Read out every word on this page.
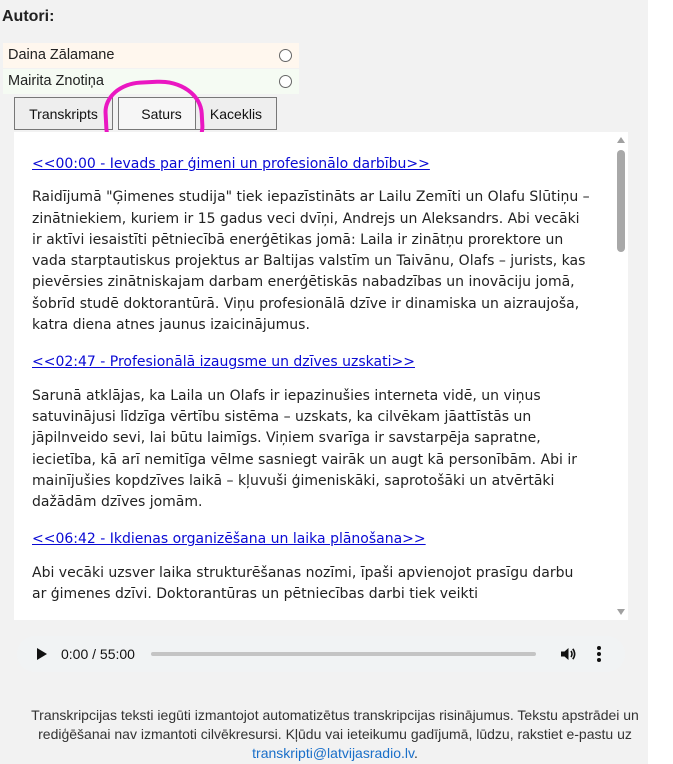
Autori:
Daina Zālamane
Mairita Znotiņa
Transkripts	Saturs	Kaceklis
<<00:00 - Ievads par ģimeni un profesionālo darbību>>

Raidījumā "Ģimenes studija" tiek iepazīstināts ar Lailu Zemīti un Olafu Slūtiņu – zinātniekiem, kuriem ir 15 gadus veci dvīņi, Andrejs un Aleksandrs. Abi vecāki ir aktīvi iesaistīti pētniecībā enerģētikas jomā: Laila ir zinātņu prorektore un vada starptautiskus projektus ar Baltijas valstīm un Taivānu, Olafs – jurists, kas pievērsies zinātniskajam darbam enerģētiskās nabadzības un inovāciju jomā, šobrīd studē doktorantūrā. Viņu profesionālā dzīve ir dinamiska un aizraujoša, katra diena atnes jaunus izaicinājumus.

<<02:47 - Profesionālā izaugsme un dzīves uzskati>>

Sarunā atklājas, ka Laila un Olafs ir iepazinušies interneta vidē, un viņus satuvinājusi līdzīga vērtību sistēma – uzskats, ka cilvēkam jāattīstās un jāpilnveido sevi, lai būtu laimīgs. Viņiem svarīga ir savstarpēja sapratne, iecietība, kā arī nemitīga vēlme sasniegt vairāk un augt kā personībām. Abi ir mainījušies kopdzīves laikā – kļuvuši ģimeniskāki, saprotošāki un atvērtāki dažādām dzīves jomām.

<<06:42 - Ikdienas organizēšana un laika plānošana>>

Abi vecāki uzsver laika strukturēšanas nozīmi, īpaši apvienojot prasīgu darbu ar ģimenes dzīvi. Doktorantūras un pētniecības darbi tiek veikti

0:00 / 55:00
Transkripcijas teksti iegūti izmantojot automatizētus transkripcijas risinājumus. Tekstu apstrādei un rediģēšanai nav izmantoti cilvēkresursi. Kļūdu vai ieteikumu gadījumā, lūdzu, rakstiet e-pastu uz transkripti@latvijasradio.lv.
